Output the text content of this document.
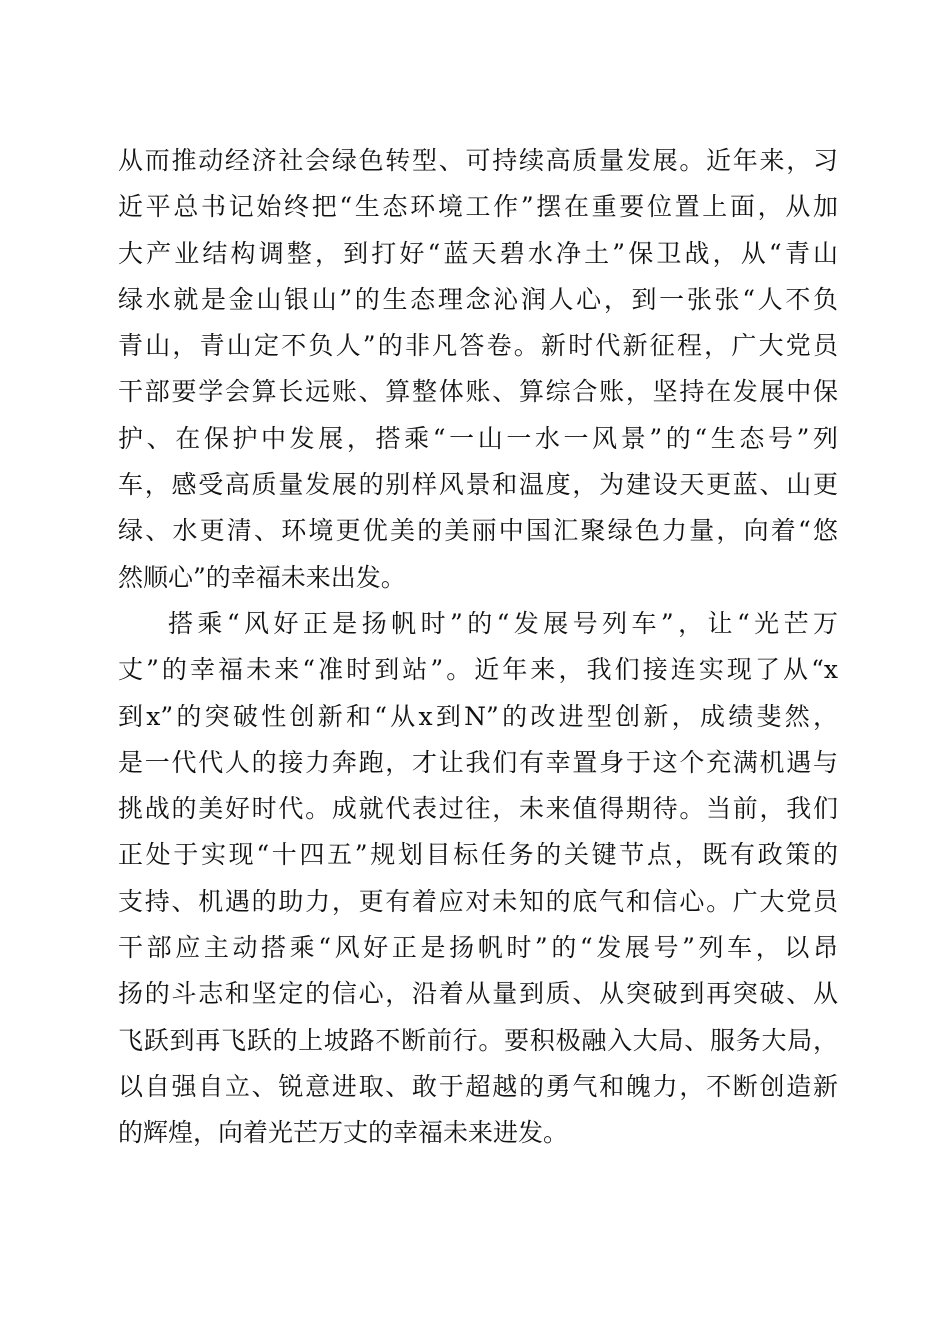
从而推动经济社会绿色转型、可持续高质量发展。近年来，习
近平总书记始终把“生态环境工作”摆在重要位置上面，从加
大产业结构调整，到打好“蓝天碧水净土”保卫战，从“青山
绿水就是金山银山”的生态理念沁润人心，到一张张“人不负
青山，青山定不负人”的非凡答卷。新时代新征程，广大党员
干部要学会算长远账、算整体账、算综合账，坚持在发展中保
护、在保护中发展，搭乘“一山一水一风景”的“生态号”列
车，感受高质量发展的别样风景和温度，为建设天更蓝、山更
绿、水更清、环境更优美的美丽中国汇聚绿色力量，向着“悠
然顺心”的幸福未来出发。
搭乘“风好正是扬帆时”的“发展号列车”，让“光芒万
丈”的幸福未来“准时到站”。近年来，我们接连实现了从“x
到x”的突破性创新和“从x到N”的改进型创新，成绩斐然，
是一代代人的接力奔跑，才让我们有幸置身于这个充满机遇与
挑战的美好时代。成就代表过往，未来值得期待。当前，我们
正处于实现“十四五”规划目标任务的关键节点，既有政策的
支持、机遇的助力，更有着应对未知的底气和信心。广大党员
干部应主动搭乘“风好正是扬帆时”的“发展号”列车，以昂
扬的斗志和坚定的信心，沿着从量到质、从突破到再突破、从
飞跃到再飞跃的上坡路不断前行。要积极融入大局、服务大局，
以自强自立、锐意进取、敢于超越的勇气和魄力，不断创造新
的辉煌，向着光芒万丈的幸福未来进发。
